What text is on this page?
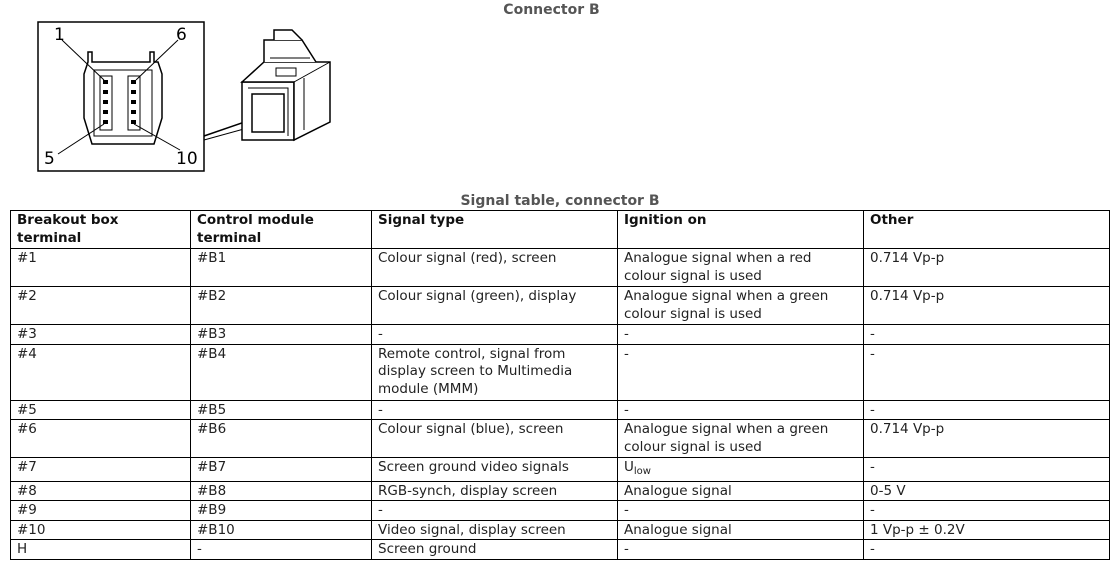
Connector B
1	6
5	10
Signal table, connector B
Breakout box terminal	Control module terminal	Signal type	Ignition on	Other
#1	#B1	Colour signal (red), screen	Analogue signal when a red colour signal is used	0.714 Vp-p
#2	#B2	Colour signal (green), display	Analogue signal when a green colour signal is used	0.714 Vp-p
#3	#B3	-	-	-
#4	#B4	Remote control, signal from display screen to Multimedia module (MMM)	-	-
#5	#B5	-	-	-
#6	#B6	Colour signal (blue), screen	Analogue signal when a green colour signal is used	0.714 Vp-p
#7	#B7	Screen ground video signals	$U_{low}$	-
#8	#B8	RGB-synch, display screen	Analogue signal	0-5 V
#9	#B9	-	-	-
#10	#B10	Video signal, display screen	Analogue signal	1 Vp-p ± 0.2V
H	-	Screen ground	-	-
